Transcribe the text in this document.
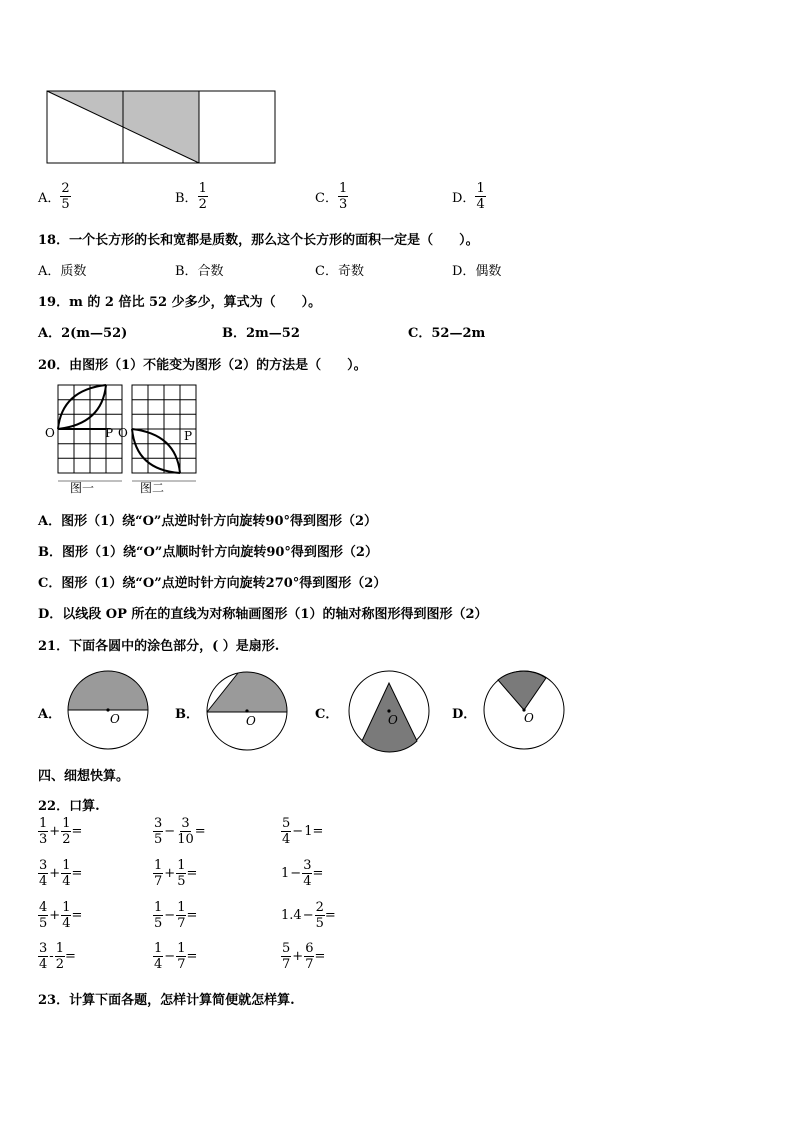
A． $\frac{2}{5}$	B． $\frac{1}{2}$	C． $\frac{1}{3}$	D． $\frac{1}{4}$
18．一个长方形的长和宽都是质数，那么这个长方形的面积一定是（　　）。
A．质数	B．合数	C．奇数	D．偶数
19．m 的 2 倍比 52 少多少，算式为（　　）。
A．2(m—52)	B．2m—52	C．52—2m
20．由图形（1）不能变为图形（2）的方法是（　　）。
O	P O	P
图一	图二
A．图形（1）绕“O”点逆时针方向旋转90°得到图形（2）
B．图形（1）绕“O”点顺时针方向旋转90°得到图形（2）
C．图形（1）绕“O”点逆时针方向旋转270°得到图形（2）
D．以线段 OP 所在的直线为对称轴画图形（1）的轴对称图形得到图形（2）
21．下面各圆中的涂色部分，( ）是扇形.
A．	O	B．	O	C．	O	D．	O
四、细想快算。
22．口算.
$\frac{1}{3} + \frac{1}{2}$ =	$\frac{3}{5} - \frac{3}{10}$ =	$\frac{5}{4} - 1$ =
$\frac{3}{4} + \frac{1}{4}$ =	$\frac{1}{7} + \frac{1}{5}$ =	$1 - \frac{3}{4}$ =
$\frac{4}{5} + \frac{1}{4}$ =	$\frac{1}{5} - \frac{1}{7}$ =	$1.4 - \frac{2}{5}$ =
$\frac{3}{4} - \frac{1}{2}$ =	$\frac{1}{4} - \frac{1}{7}$ =	$\frac{5}{7} + \frac{6}{7}$ =
23．计算下面各题，怎样计算简便就怎样算.
